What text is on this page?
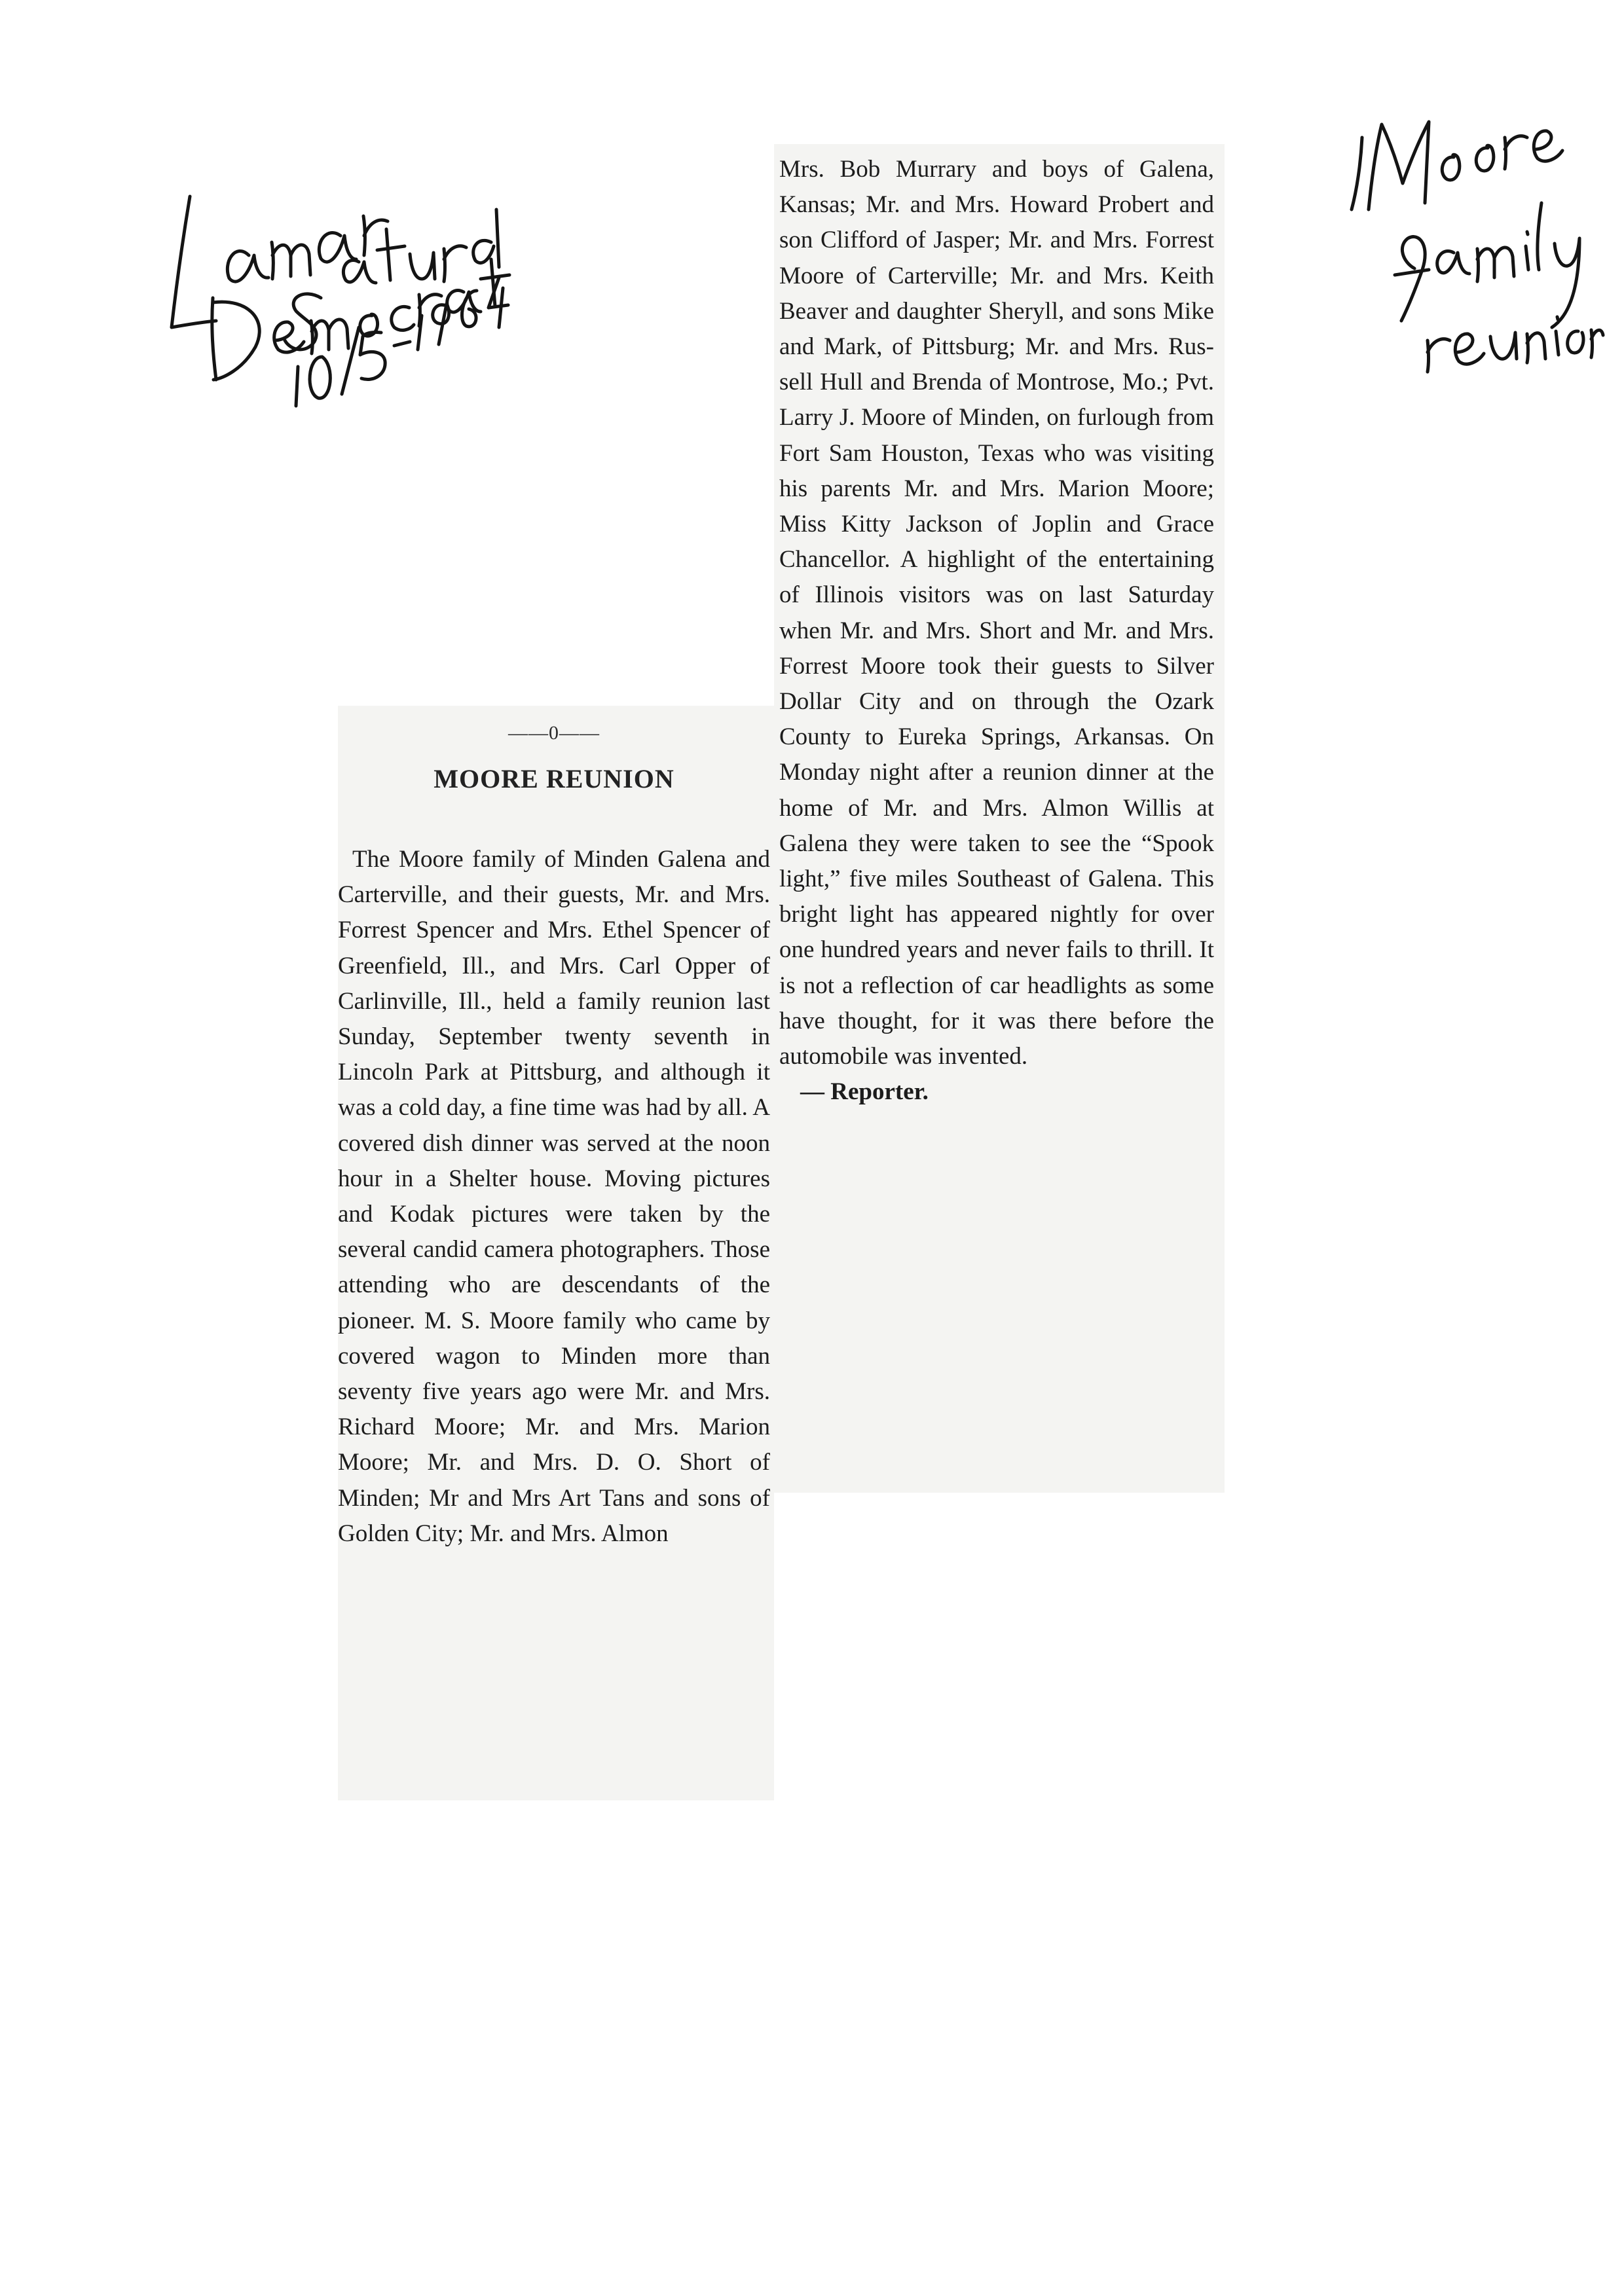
——0——
MOORE REUNION

The Moore family of Minden Galena and Carterville, and their guests, Mr. and Mrs. Forrest Spencer and Mrs. Ethel Spencer of Greenfield, Ill., and Mrs. Carl Opper of Carlinville, Ill., held a family reunion last Sunday, September twenty seventh in Lincoln Park at Pittsburg, and although it was a cold day, a fine time was had by all. A covered dish dinner was served at the noon hour in a Shelter house. Moving pictures and Kodak pictures were taken by the several candid camera photographers. Those attending who are descendants of the pioneer. M. S. Moore family who came by covered wagon to Minden more than seventy five years ago were Mr. and Mrs. Richard Moore; Mr. and Mrs. Marion Moore; Mr. and Mrs. D. O. Short of Minden; Mr and Mrs Art Tans and sons of Golden City; Mr. and Mrs. Almon

Mrs. Bob Murrary and boys of Galena, Kansas; Mr. and Mrs. Howard Probert and son Clifford of Jasper; Mr. and Mrs. Forrest Moore of Carterville; Mr. and Mrs. Keith Beaver and daughter Sheryll, and sons Mike and Mark, of Pittsburg; Mr. and Mrs. Russell Hull and Brenda of Montrose, Mo.; Pvt. Larry J. Moore of Minden, on furlough from Fort Sam Houston, Texas who was visiting his parents Mr. and Mrs. Marion Moore; Miss Kitty Jackson of Joplin and Grace Chancellor. A highlight of the entertaining of Illinois visitors was on last Saturday when Mr. and Mrs. Short and Mr. and Mrs. Forrest Moore took their guests to Silver Dollar City and on through the Ozark County to Eureka Springs, Arkansas. On Monday night after a reunion dinner at the home of Mr. and Mrs. Almon Willis at Galena they were taken to see the “Spook light,” five miles Southeast of Galena. This bright light has appeared nightly for over one hundred years and never fails to thrill. It is not a reflection of car headlights as some have thought, for it was there before the automobile was invented.

— Reporter.
